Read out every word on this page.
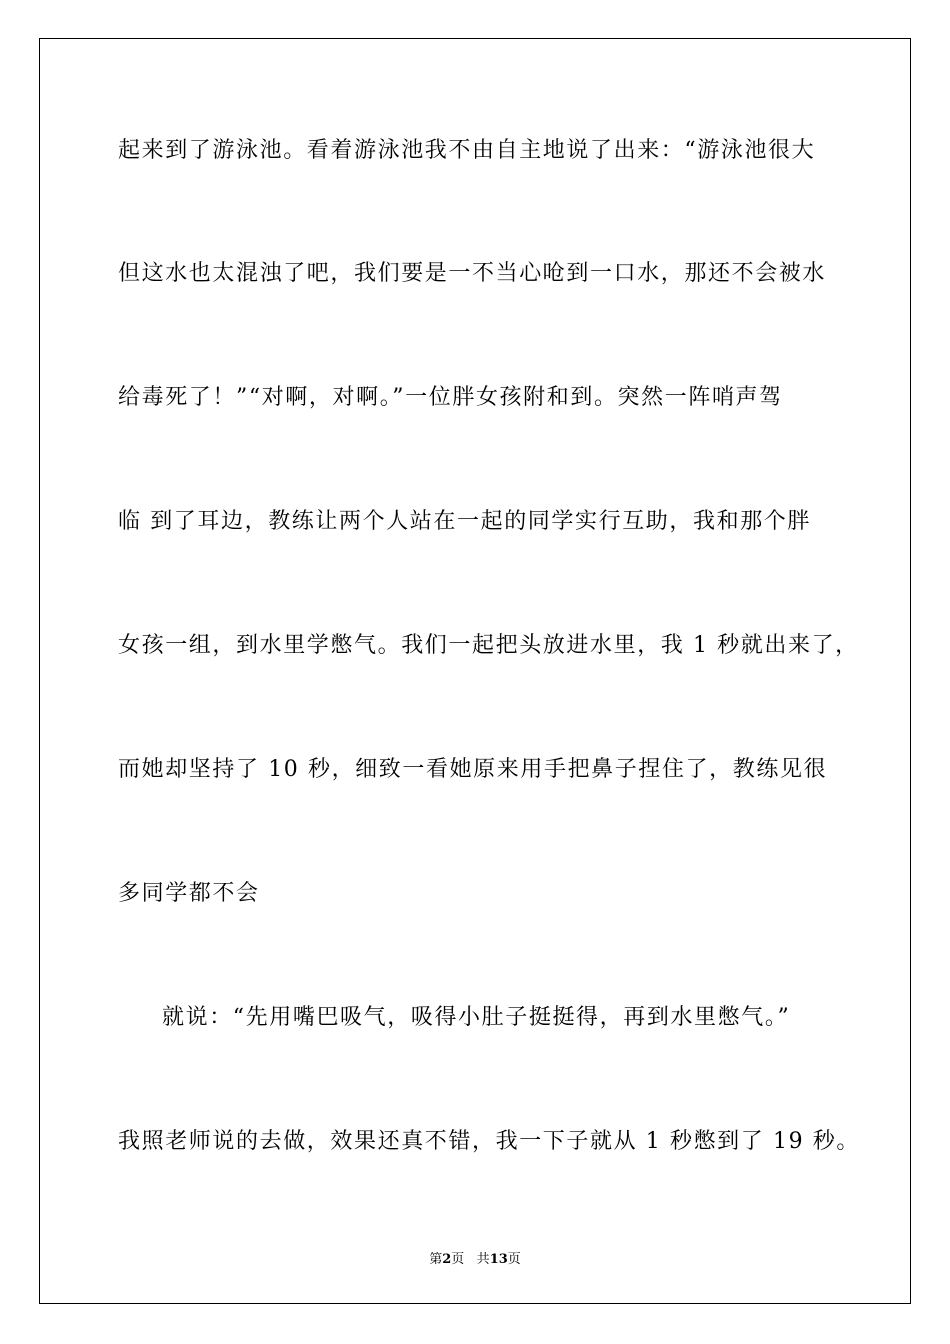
起来到了游泳池。看着游泳池我不由自主地说了出来：“游泳池很大
但这水也太混浊了吧，我们要是一不当心呛到一口水，那还不会被水
给毒死了！”“对啊，对啊。”一位胖女孩附和到。突然一阵哨声驾
临 到了耳边，教练让两个人站在一起的同学实行互助，我和那个胖
女孩一组，到水里学憋气。我们一起把头放进水里，我 1 秒就出来了，
而她却坚持了 10 秒，细致一看她原来用手把鼻子捏住了，教练见很
多同学都不会
就说：“先用嘴巴吸气，吸得小肚子挺挺得，再到水里憋气。”
我照老师说的去做，效果还真不错，我一下子就从 1 秒憋到了 19 秒。
第2页 共13页
